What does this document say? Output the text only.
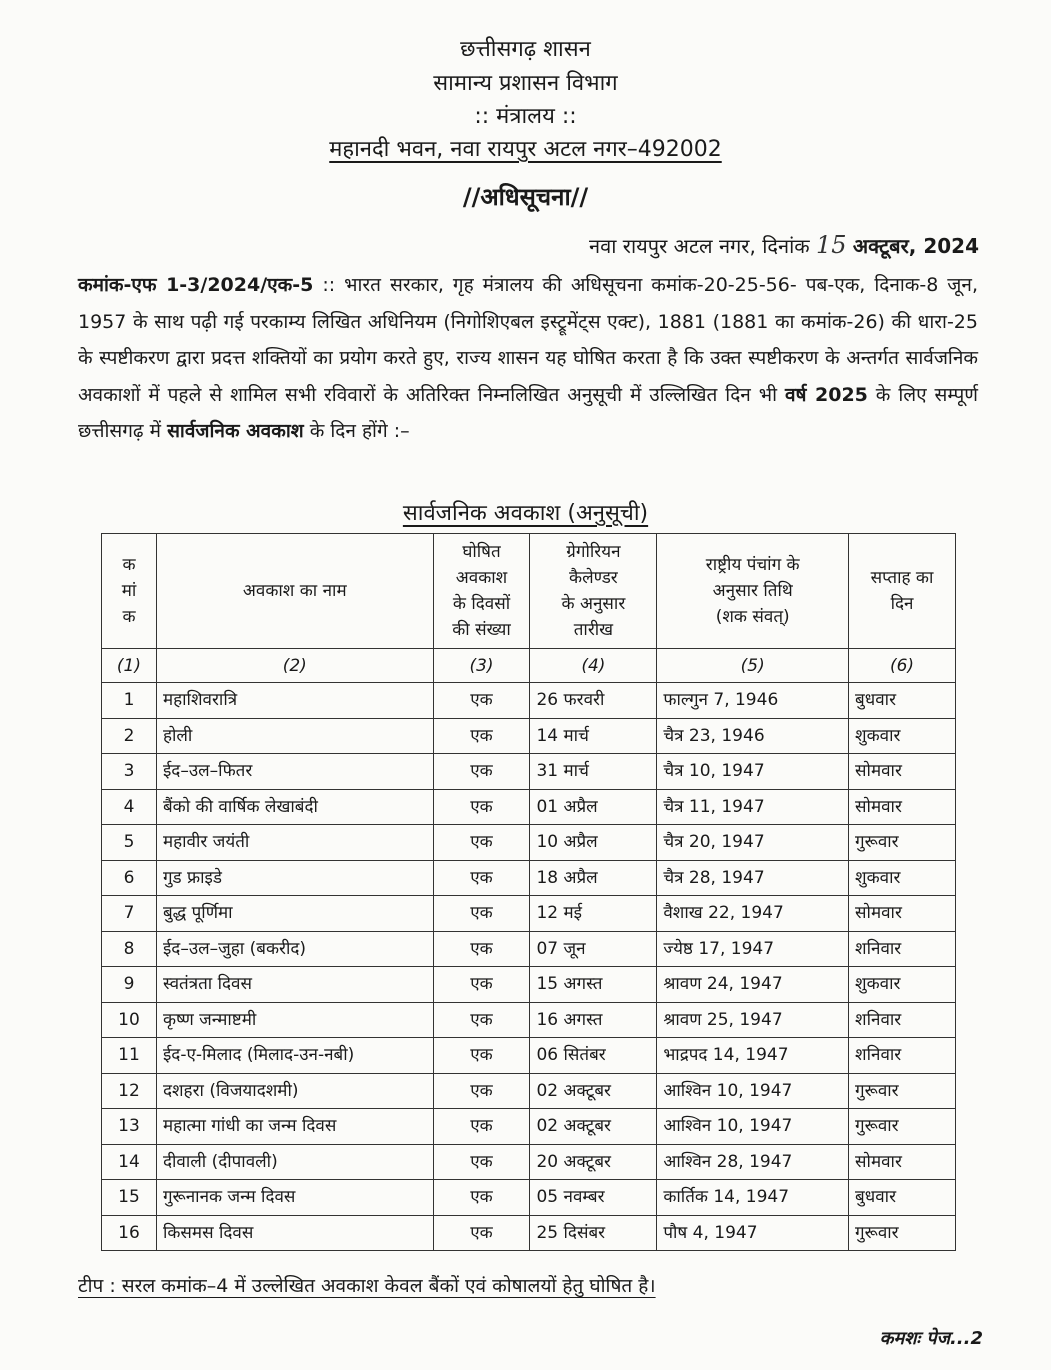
छत्तीसगढ़ शासन
सामान्य प्रशासन विभाग
:: मंत्रालय ::
महानदी भवन, नवा रायपुर अटल नगर–492002
//अधिसूचना//
नवा रायपुर अटल नगर, दिनांक 15 अक्टूबर, 2024
कमांक-एफ 1-3/2024/एक-5 :: भारत सरकार, गृह मंत्रालय की अधिसूचना कमांक-20-25-56- पब-एक, दिनाक-8 जून, 1957 के साथ पढ़ी गई परकाम्य लिखित अधिनियम (निगोशिएबल इस्ट्रूमेंट्स एक्ट), 1881 (1881 का कमांक-26) की धारा-25 के स्पष्टीकरण द्वारा प्रदत्त शक्तियों का प्रयोग करते हुए, राज्य शासन यह घोषित करता है कि उक्त स्पष्टीकरण के अन्तर्गत सार्वजनिक अवकाशों में पहले से शामिल सभी रविवारों के अतिरिक्त निम्नलिखित अनुसूची में उल्लिखित दिन भी वर्ष 2025 के लिए सम्पूर्ण छत्तीसगढ़ में सार्वजनिक अवकाश के दिन होंगे :–
सार्वजनिक अवकाश (अनुसूची)
क
मां
क	अवकाश का नाम	घोषित
अवकाश
के दिवसों
की संख्या	ग्रेगोरियन
कैलेण्डर
के अनुसार
तारीख	राष्ट्रीय पंचांग के
अनुसार तिथि
(शक संवत्)	सप्ताह का
दिन
(1)	(2)	(3)	(4)	(5)	(6)
1	महाशिवरात्रि	एक	26 फरवरी	फाल्गुन 7, 1946	बुधवार
2	होली	एक	14 मार्च	चैत्र 23, 1946	शुकवार
3	ईद–उल–फितर	एक	31 मार्च	चैत्र 10, 1947	सोमवार
4	बैंको की वार्षिक लेखाबंदी	एक	01 अप्रैल	चैत्र 11, 1947	सोमवार
5	महावीर जयंती	एक	10 अप्रैल	चैत्र 20, 1947	गुरूवार
6	गुड फ्राइडे	एक	18 अप्रैल	चैत्र 28, 1947	शुकवार
7	बुद्ध पूर्णिमा	एक	12 मई	वैशाख 22, 1947	सोमवार
8	ईद–उल–जुहा (बकरीद)	एक	07 जून	ज्येष्ठ 17, 1947	शनिवार
9	स्वतंत्रता दिवस	एक	15 अगस्त	श्रावण 24, 1947	शुकवार
10	कृष्ण जन्माष्टमी	एक	16 अगस्त	श्रावण 25, 1947	शनिवार
11	ईद-ए-मिलाद (मिलाद-उन-नबी)	एक	06 सितंबर	भाद्रपद 14, 1947	शनिवार
12	दशहरा (विजयादशमी)	एक	02 अक्टूबर	आश्विन 10, 1947	गुरूवार
13	महात्मा गांधी का जन्म दिवस	एक	02 अक्टूबर	आश्विन 10, 1947	गुरूवार
14	दीवाली (दीपावली)	एक	20 अक्टूबर	आश्विन 28, 1947	सोमवार
15	गुरूनानक जन्म दिवस	एक	05 नवम्बर	कार्तिक 14, 1947	बुधवार
16	किसमस दिवस	एक	25 दिसंबर	पौष 4, 1947	गुरूवार
टीप : सरल कमांक–4 में उल्लेखित अवकाश केवल बैंकों एवं कोषालयों हेतु घोषित है।
कमशः पेज...2
